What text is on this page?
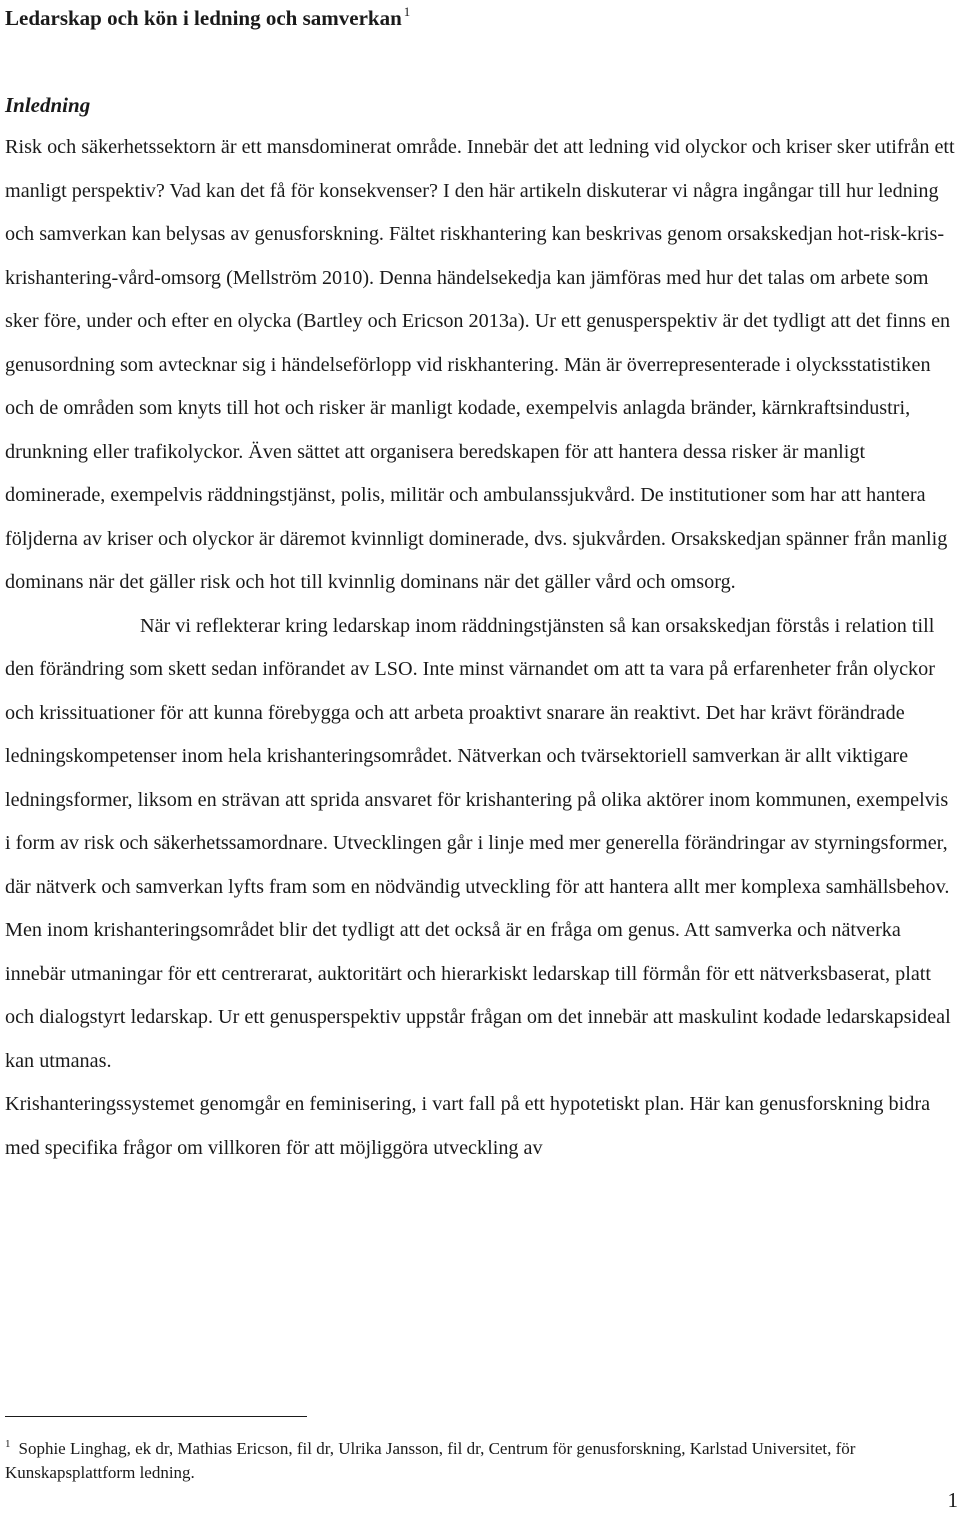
Ledarskap och kön i ledning och samverkan $^1$
Inledning

Risk och säkerhetssektorn är ett mansdominerat område. Innebär det att ledning vid olyckor och kriser sker utifrån ett manligt perspektiv? Vad kan det få för konsekvenser? I den här artikeln diskuterar vi några ingångar till hur ledning och samverkan kan belysas av genusforskning. Fältet riskhantering kan beskrivas genom orsakskedjan hot-risk-kris-krishantering-vård-omsorg (Mellström 2010). Denna händelsekedja kan jämföras med hur det talas om arbete som sker före, under och efter en olycka (Bartley och Ericson 2013a). Ur ett genusperspektiv är det tydligt att det finns en genusordning som avtecknar sig i händelseförlopp vid riskhantering. Män är överrepresenterade i olycksstatistiken och de områden som knyts till hot och risker är manligt kodade, exempelvis anlagda bränder, kärnkraftsindustri, drunkning eller trafikolyckor. Även sättet att organisera beredskapen för att hantera dessa risker är manligt dominerade, exempelvis räddningstjänst, polis, militär och ambulanssjukvård. De institutioner som har att hantera följderna av kriser och olyckor är däremot kvinnligt dominerade, dvs. sjukvården. Orsakskedjan spänner från manlig dominans när det gäller risk och hot till kvinnlig dominans när det gäller vård och omsorg.

När vi reflekterar kring ledarskap inom räddningstjänsten så kan orsakskedjan förstås i relation till den förändring som skett sedan införandet av LSO. Inte minst värnandet om att ta vara på erfarenheter från olyckor och krissituationer för att kunna förebygga och att arbeta proaktivt snarare än reaktivt. Det har krävt förändrade ledningskompetenser inom hela krishanteringsområdet. Nätverkan och tvärsektoriell samverkan är allt viktigare ledningsformer, liksom en strävan att sprida ansvaret för krishantering på olika aktörer inom kommunen, exempelvis i form av risk och säkerhetssamordnare. Utvecklingen går i linje med mer generella förändringar av styrningsformer, där nätverk och samverkan lyfts fram som en nödvändig utveckling för att hantera allt mer komplexa samhällsbehov. Men inom krishanteringsområdet blir det tydligt att det också är en fråga om genus. Att samverka och nätverka innebär utmaningar för ett centrerarat, auktoritärt och hierarkiskt ledarskap till förmån för ett nätverksbaserat, platt och dialogstyrt ledarskap. Ur ett genusperspektiv uppstår frågan om det innebär att maskulint kodade ledarskapsideal kan utmanas.

Krishanteringssystemet genomgår en feminisering, i vart fall på ett hypotetiskt plan. Här kan genusforskning bidra med specifika frågor om villkoren för att möjliggöra utveckling av

$^1$ Sophie Linghag, ek dr, Mathias Ericson, fil dr, Ulrika Jansson, fil dr, Centrum för genusforskning, Karlstad Universitet, för Kunskapsplattform ledning.

1
